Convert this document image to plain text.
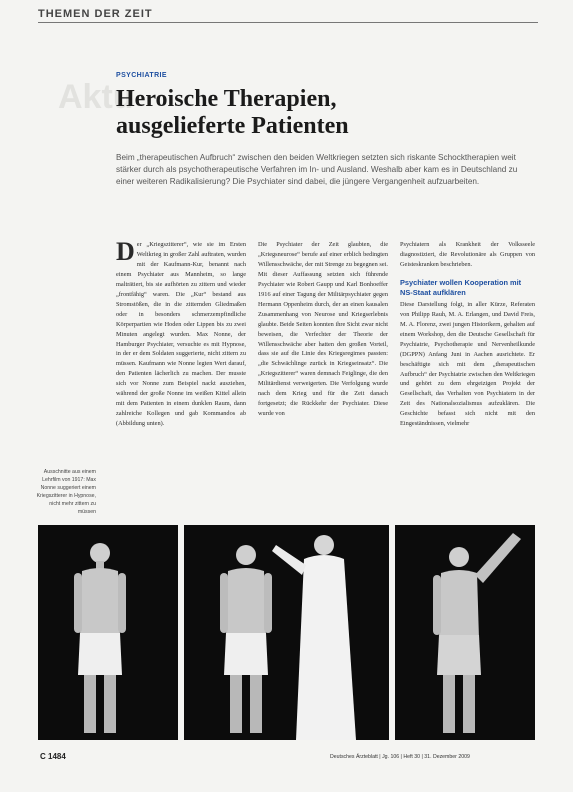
THEMEN DER ZEIT
Aktu
PSYCHIATRIE
Heroische Therapien,
ausgelieferte Patienten
Beim „therapeutischen Aufbruch“ zwischen den beiden Weltkriegen setzten sich riskante Schocktherapien weit stärker durch als psychotherapeutische Verfahren im In- und Ausland. Weshalb aber kam es in Deutschland zu einer weiteren Radikalisierung? Die Psychiater sind dabei, die jüngere Vergangenheit aufzuarbeiten.
Der „Kriegszitterer“, wie sie im Ersten Weltkrieg in großer Zahl auftraten, wurden mit der Kaufmann-Kur, benannt nach einem Psychiater aus Mannheim, so lange malträtiert, bis sie aufhörten zu zittern und wieder „frontfähig“ waren. Die „Kur“ bestand aus Stromstößen, die in die zitternden Gliedmaßen oder in besonders schmerzempfindliche Körperpartien wie Hoden oder Lippen bis zu zwei Minuten angelegt wurden. Max Nonne, der Hamburger Psychiater, versuchte es mit Hypnose, in der er dem Soldaten suggerierte, nicht zittern zu müssen. Kaufmann wie Nonne legten Wert darauf, den Patienten lächerlich zu machen. Der musste sich vor Nonne zum Beispiel nackt ausziehen, während der große Nonne im weißen Kittel allein mit dem Patienten in einem dunklen Raum, dann zahlreiche Kollegen und gab Kommandos ab (Abbildung unten).
Die Psychiater der Zeit glaubten, die „Kriegsneurose“ berufe auf einer erblich bedingten Willensschwäche, der mit Strenge zu begegnen sei. Mit dieser Auffassung setzten sich führende Psychiater wie Robert Gaupp und Karl Bonhoeffer 1916 auf einer Tagung der Militärpsychiater gegen Hermann Oppenheim durch, der an einen kausalen Zusammenhang von Neurose und Kriegserlebnis glaubte. Beide Seiten konnten ihre Sicht zwar nicht beweisen, die Verfechter der Theorie der Willensschwäche aber hatten den großen Vorteil, dass sie auf die Linie des Kriegsregimes passten: „die Schwächlinge zurück in Kriegseinsatz“. Die „Kriegszitterer“ waren demnach Feiglinge, die den Militärdienst verweigerten. Die Verfolgung wurde nach dem Krieg und für die Zeit danach fortgesetzt; die Rückkehr der Psychiater. Diese wurde von
Psychiatern als Krankheit der Volksseele diagnostiziert, die Revolutionäre als Gruppen von Geisteskranken beschrieben.
Psychiater wollen Kooperation mit NS-Staat aufklären
Diese Darstellung folgt, in aller Kürze, Referaten von Philipp Rauh, M. A. Erlangen, und David Freis, M. A. Florenz, zwei jungen Historikern, gehalten auf einem Workshop, den die Deutsche Gesellschaft für Psychiatrie, Psychotherapie und Nervenheilkunde (DGPPN) Anfang Juni in Aachen ausrichtete. Er beschäftigte sich mit dem „therapeutischen Aufbruch“ der Psychiatrie zwischen den Weltkriegen und gehört zu dem ehrgeizigen Projekt der Gesellschaft, das Verhalten von Psychiatern in der Zeit des Nationalsozialismus aufzuklären. Die Geschichte befasst sich nicht mit den Eingeständnissen, vielmehr
Ausschnitte aus einem Lehrfilm von 1917: Max Nonne suggeriert einem Kriegszitterer in Hypnose, nicht mehr zittern zu müssen
C 1484	Deutsches Ärzteblatt | Jg. 106 | Heft 30 | 31. Dezember 2009
